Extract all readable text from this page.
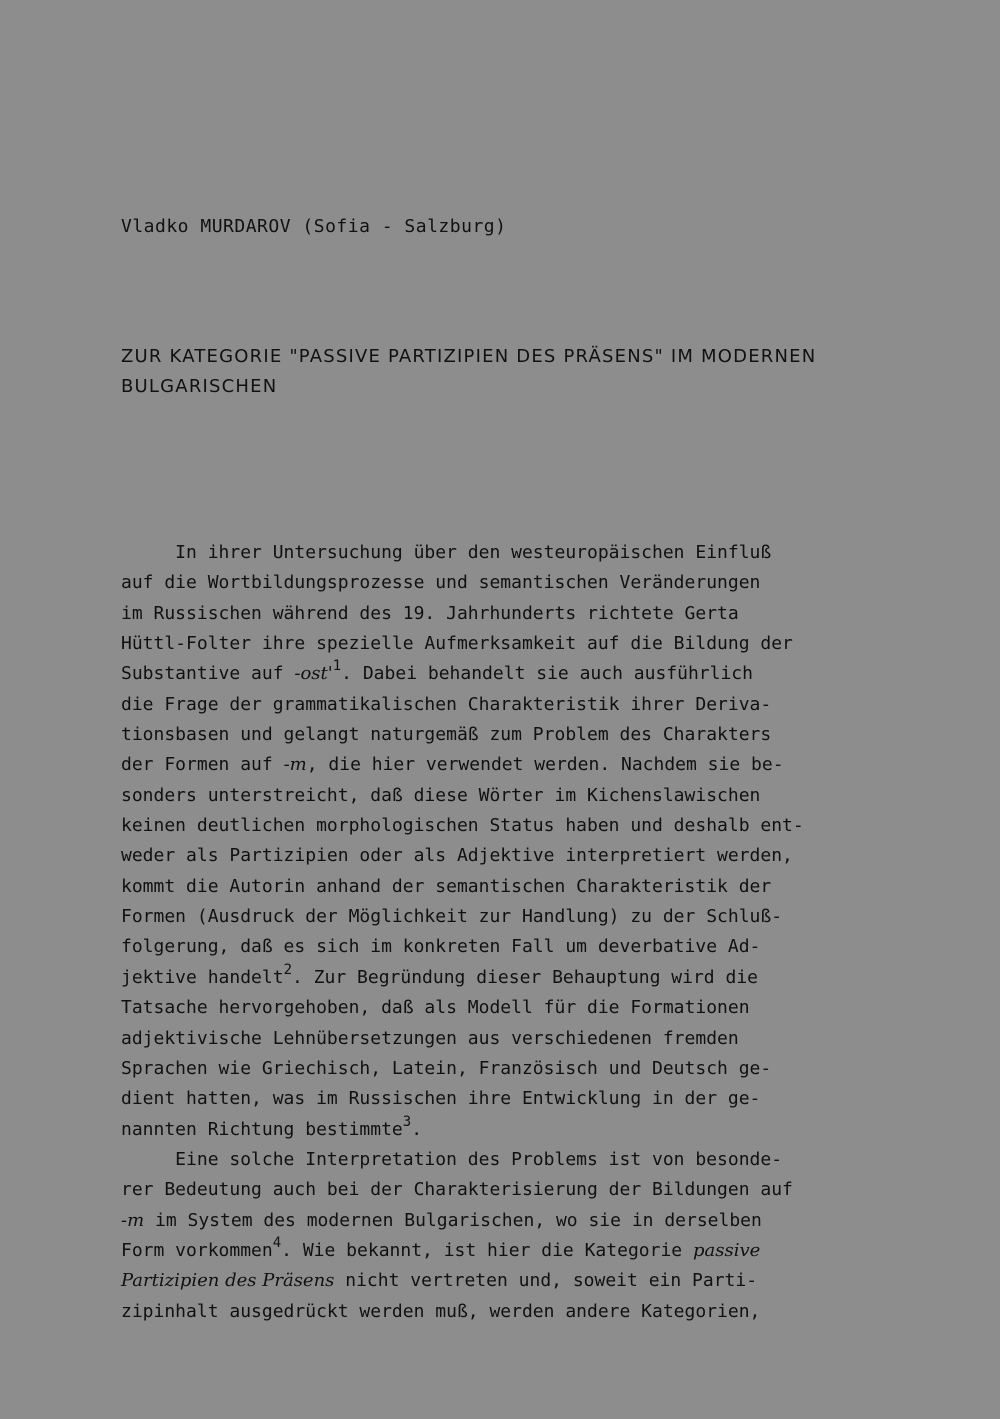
Vladko MURDAROV (Sofia - Salzburg)
ZUR KATEGORIE "PASSIVE PARTIZIPIEN DES PRÄSENS" IM MODERNEN
BULGARISCHEN
In ihrer Untersuchung über den westeuropäischen Einfluß
auf die Wortbildungsprozesse und semantischen Veränderungen
im Russischen während des 19. Jahrhunderts richtete Gerta
Hüttl-Folter ihre spezielle Aufmerksamkeit auf die Bildung der
Substantive auf $-ost'^1$. Dabei behandelt sie auch ausführlich
die Frage der grammatikalischen Charakteristik ihrer Deriva-
tionsbasen und gelangt naturgemäß zum Problem des Charakters
der Formen auf -m, die hier verwendet werden. Nachdem sie be-
sonders unterstreicht, daß diese Wörter im Kichenslawischen
keinen deutlichen morphologischen Status haben und deshalb ent-
weder als Partizipien oder als Adjektive interpretiert werden,
kommt die Autorin anhand der semantischen Charakteristik der
Formen (Ausdruck der Möglichkeit zur Handlung) zu der Schluß-
folgerung, daß es sich im konkreten Fall um deverbative Ad-
jektive handelt$^2$. Zur Begründung dieser Behauptung wird die
Tatsache hervorgehoben, daß als Modell für die Formationen
adjektivische Lehnübersetzungen aus verschiedenen fremden
Sprachen wie Griechisch, Latein, Französisch und Deutsch ge-
dient hatten, was im Russischen ihre Entwicklung in der ge-
nannten Richtung bestimmte$^3$.
Eine solche Interpretation des Problems ist von besonde-
rer Bedeutung auch bei der Charakterisierung der Bildungen auf
-m im System des modernen Bulgarischen, wo sie in derselben
Form vorkommen$^4$. Wie bekannt, ist hier die Kategorie passive
Partizipien des Präsens nicht vertreten und, soweit ein Parti-
zipinhalt ausgedrückt werden muß, werden andere Kategorien,
